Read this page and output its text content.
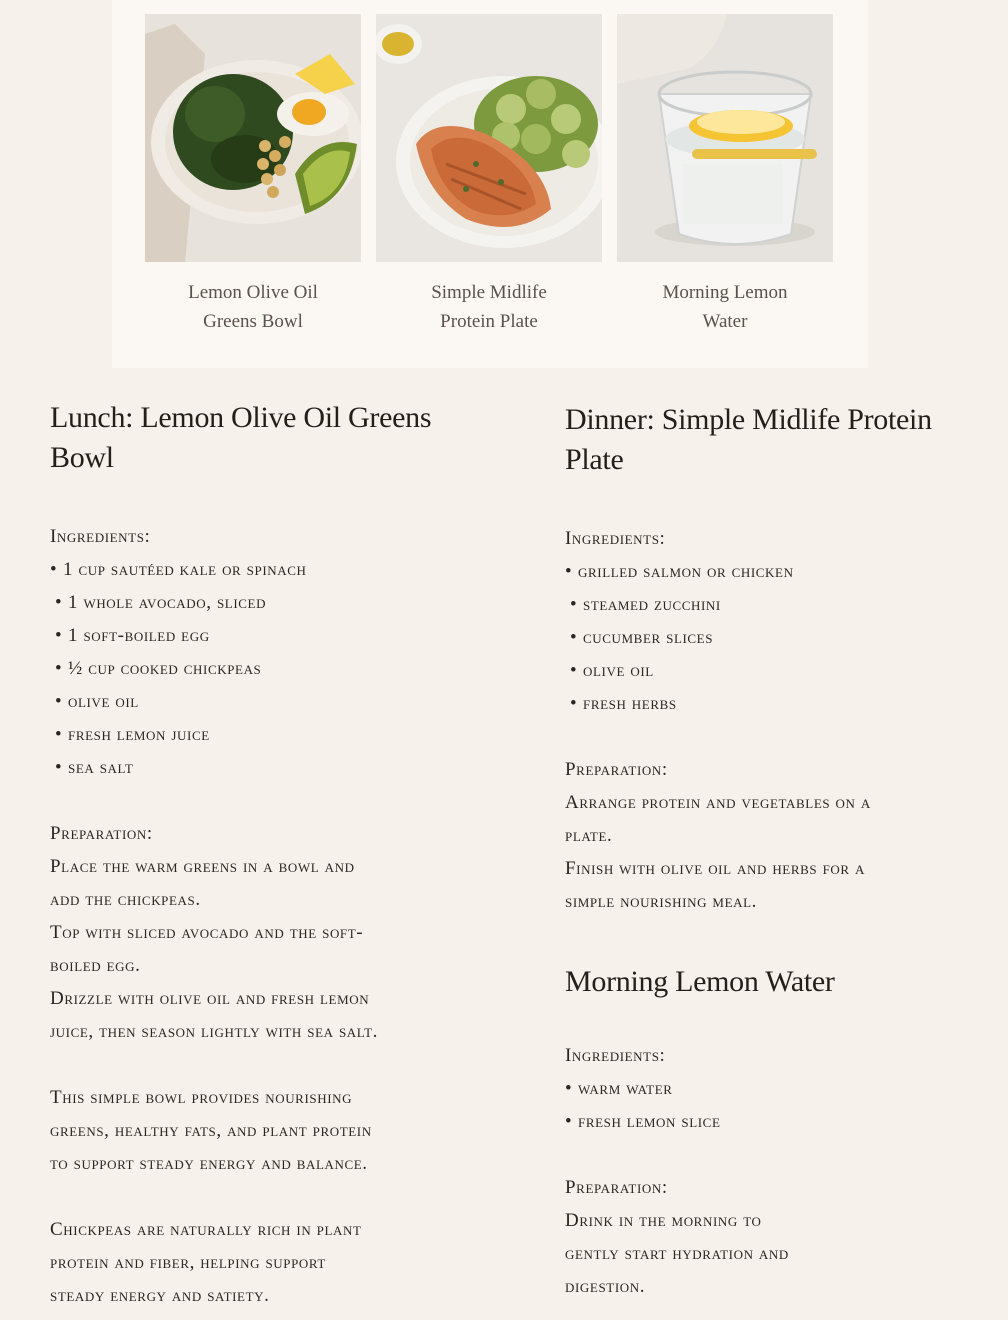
Lemon Olive Oil
Greens Bowl
Simple Midlife
Protein Plate
Morning Lemon
Water
Lunch: Lemon Olive Oil Greens
Bowl
Ingredients:
• 1 cup sautéed kale or spinach
• 1 whole avocado, sliced
• 1 soft-boiled egg
• ½ cup cooked chickpeas
• olive oil
• fresh lemon juice
• sea salt
Preparation:

Place the warm greens in a bowl and

add the chickpeas.

Top with sliced avocado and the soft-

boiled egg.

Drizzle with olive oil and fresh lemon

juice, then season lightly with sea salt.

This simple bowl provides nourishing

greens, healthy fats, and plant protein

to support steady energy and balance.

Chickpeas are naturally rich in plant

protein and fiber, helping support

steady energy and satiety.

Dinner: Simple Midlife Protein
Plate
Ingredients:
• grilled salmon or chicken
• steamed zucchini
• cucumber slices
• olive oil
• fresh herbs
Preparation:

Arrange protein and vegetables on a

plate.

Finish with olive oil and herbs for a

simple nourishing meal.

Morning Lemon Water
Ingredients:
• warm water
• fresh lemon slice
Preparation:

Drink in the morning to

gently start hydration and

digestion.
